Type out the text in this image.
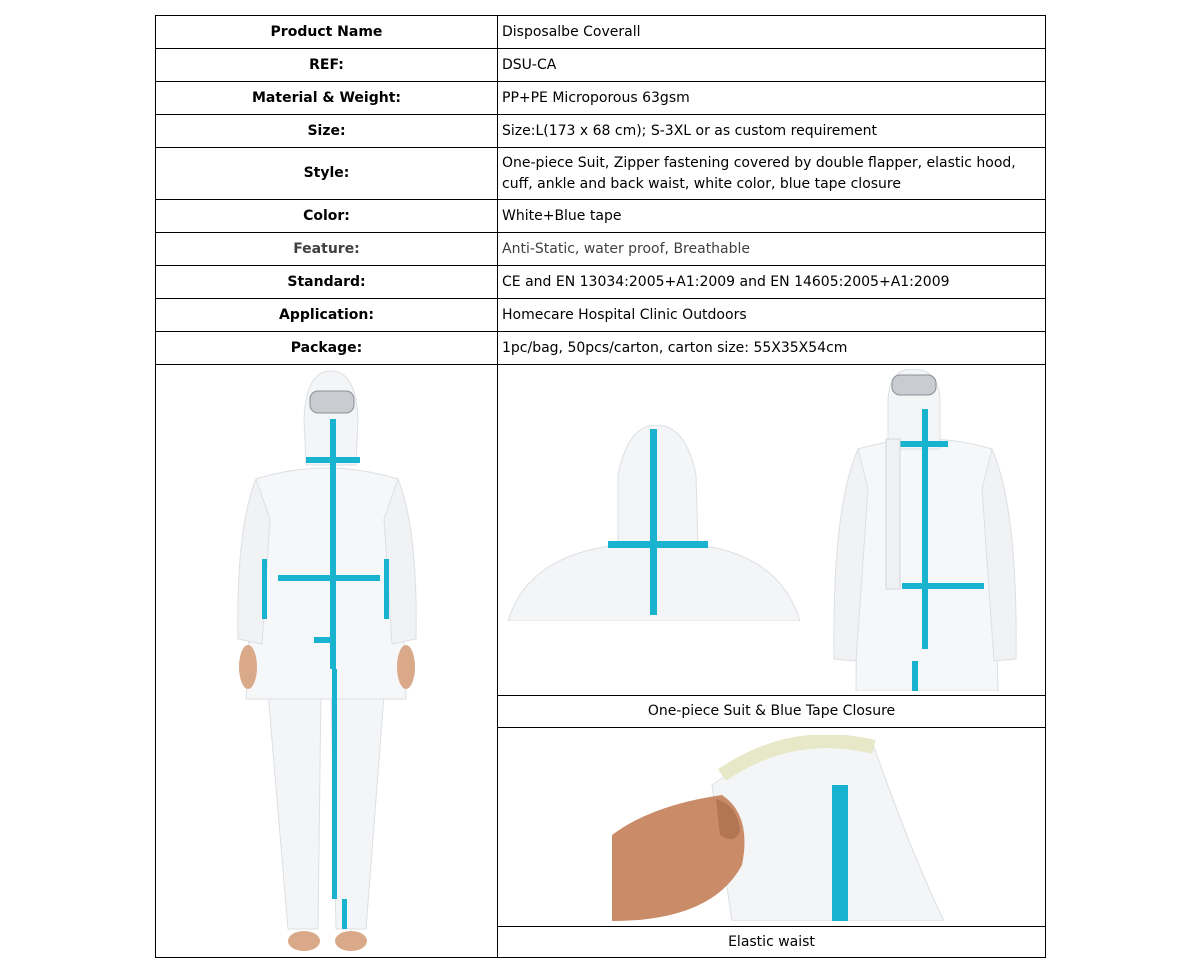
Product Name	Disposalbe Coverall
REF:	DSU-CA
Material & Weight:	PP+PE Microporous 63gsm
Size:	Size:L(173 x 68 cm); S-3XL or as custom requirement
Style:	One-piece Suit, Zipper fastening covered by double flapper, elastic hood, cuff, ankle and back waist, white color, blue tape closure
Color:	White+Blue tape
Feature:	Anti-Static, water proof, Breathable
Standard:	CE and EN 13034:2005+A1:2009 and EN 14605:2005+A1:2009
Application:	Homecare Hospital Clinic Outdoors
Package:	1pc/bag, 50pcs/carton, carton size: 55X35X54cm
One-piece Suit & Blue Tape Closure
Elastic waist
